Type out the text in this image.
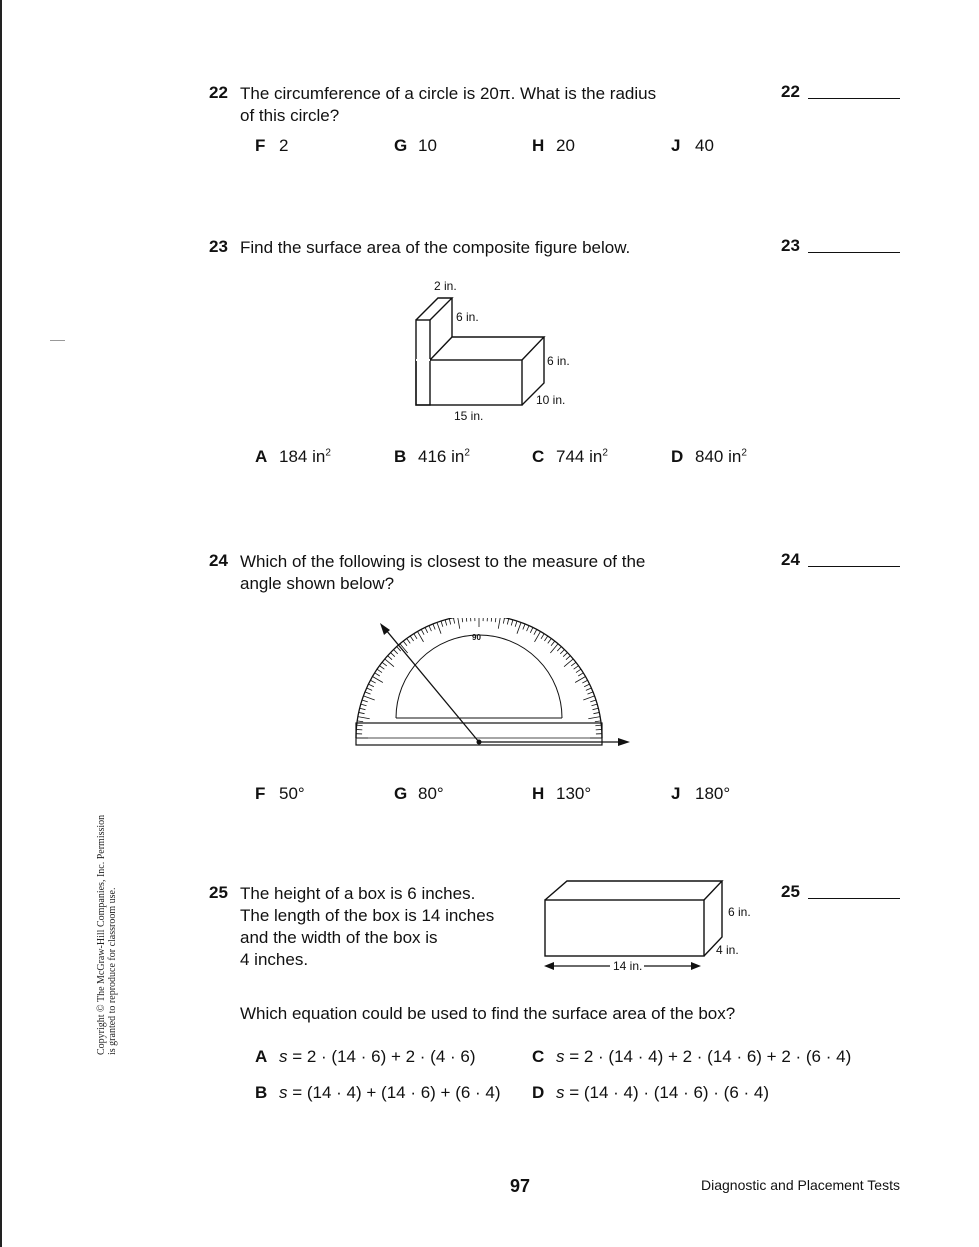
Copyright © The McGraw-Hill Companies, Inc. Permission is granted to reproduce for classroom use.
22 The circumference of a circle is 20π. What is the radius
of this circle?
22
F 2	G 10	H 20	J 40
23 Find the surface area of the composite figure below.	23
2 in.
6 in.
6 in.
10 in.
15 in.
A 184 $in^2$	B 416 $in^2$	C 744 $in^2$	D 840 $in^2$
24 Which of the following is closest to the measure of the
angle shown below?
24
90
F 50°	G 80°	H 130°	J 180°
25 The height of a box is 6 inches.
The length of the box is 14 inches
and the width of the box is
4 inches.
25
6 in.
4 in.
14 in.
Which equation could be used to find the surface area of the box?
A s = 2 · (14 · 6) + 2 · (4 · 6)	C s = 2 · (14 · 4) + 2 · (14 · 6) + 2 · (6 · 4)
B s = (14 · 4) + (14 · 6) + (6 · 4) D s = (14 · 4) · (14 · 6) · (6 · 4)
97	Diagnostic and Placement Tests
